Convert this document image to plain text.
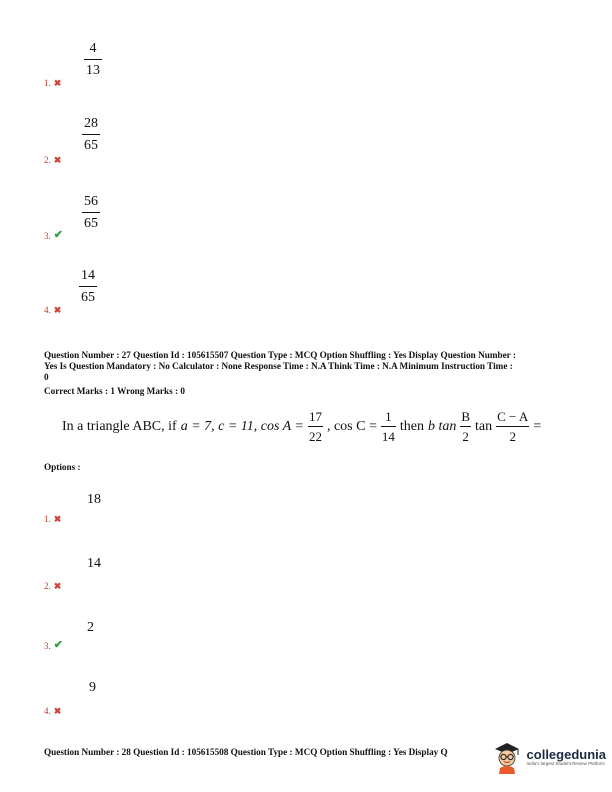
4
13
1. ✖
28
65
2. ✖
56
65
3. ✔
14
65
4. ✖
Question Number : 27 Question Id : 105615507 Question Type : MCQ Option Shuffling : Yes Display Question Number :
Yes Is Question Mandatory : No Calculator : None Response Time : N.A Think Time : N.A Minimum Instruction Time :
0
Correct Marks : 1 Wrong Marks : 0
In a triangle ABC, if a = 7, c = 11, $\cos A = \frac{17}{22}$ , $\cos C = \frac{1}{14}$ then b $\tan \frac{B}{2}$ $\tan \frac{C - A}{2}$ =
Options :
18
1. ✖
14
2. ✖
2
3. ✔
9
4. ✖
Question Number : 28 Question Id : 105615508 Question Type : MCQ Option Shuffling : Yes Display Q	collegedunia
India's largest Student Review Platform
